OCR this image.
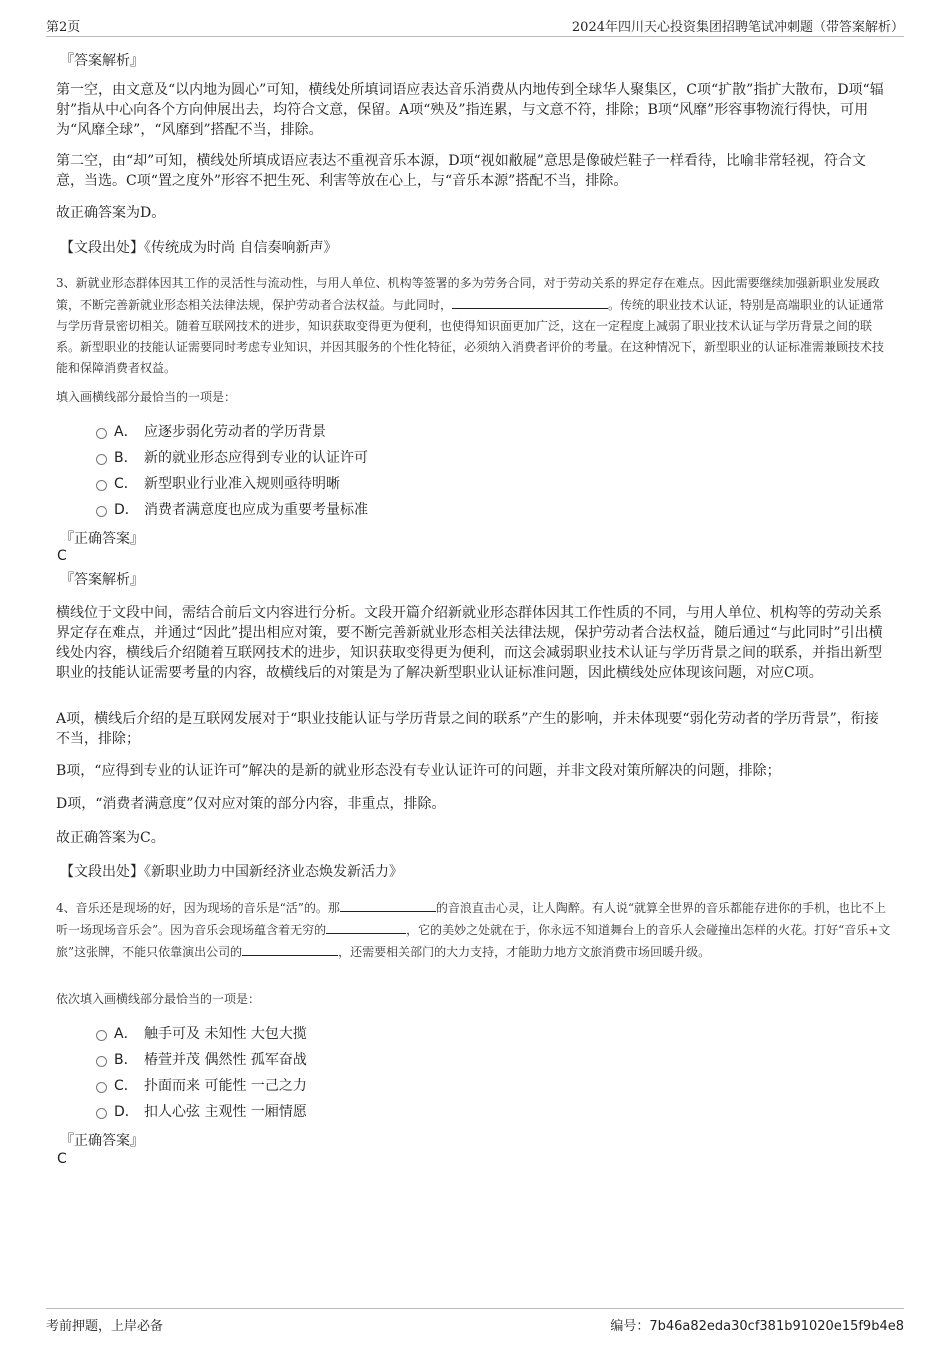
第2页	2024年四川天心投资集团招聘笔试冲刺题（带答案解析）
『答案解析』

第一空，由文意及“以内地为圆心”可知，横线处所填词语应表达音乐消费从内地传到全球华人聚集区，C项“扩散”指扩大散布，D项“辐射”指从中心向各个方向伸展出去，均符合文意，保留。A项“殃及”指连累，与文意不符，排除；B项“风靡”形容事物流行得快，可用为“风靡全球”，“风靡到”搭配不当，排除。

第二空，由“却”可知，横线处所填成语应表达不重视音乐本源，D项“视如敝屣”意思是像破烂鞋子一样看待，比喻非常轻视，符合文意，当选。C项“置之度外”形容不把生死、利害等放在心上，与“音乐本源”搭配不当，排除。

故正确答案为D。

【文段出处】《传统成为时尚 自信奏响新声》

3、新就业形态群体因其工作的灵活性与流动性，与用人单位、机构等签署的多为劳务合同，对于劳动关系的界定存在难点。因此需要继续加强新职业发展政策，不断完善新就业形态相关法律法规，保护劳动者合法权益。与此同时，	。传统的职业技术认证，特别是高端职业的认证通常与学历背景密切相关。随着互联网技术的进步，知识获取变得更为便利，也使得知识面更加广泛，这在一定程度上减弱了职业技术认证与学历背景之间的联系。新型职业的技能认证需要同时考虑专业知识，并因其服务的个性化特征，必须纳入消费者评价的考量。在这种情况下，新型职业的认证标准需兼顾技术技能和保障消费者权益。

填入画横线部分最恰当的一项是：
A． 应逐步弱化劳动者的学历背景
B． 新的就业形态应得到专业的认证许可
C． 新型职业行业准入规则亟待明晰
D． 消费者满意度也应成为重要考量标准
『正确答案』
C
『答案解析』

横线位于文段中间，需结合前后文内容进行分析。文段开篇介绍新就业形态群体因其工作性质的不同，与用人单位、机构等的劳动关系界定存在难点，并通过“因此”提出相应对策，要不断完善新就业形态相关法律法规，保护劳动者合法权益，随后通过“与此同时”引出横线处内容，横线后介绍随着互联网技术的进步，知识获取变得更为便利，而这会减弱职业技术认证与学历背景之间的联系，并指出新型职业的技能认证需要考量的内容，故横线后的对策是为了解决新型职业认证标准问题，因此横线处应体现该问题，对应C项。

A项，横线后介绍的是互联网发展对于“职业技能认证与学历背景之间的联系”产生的影响，并未体现要“弱化劳动者的学历背景”，衔接不当，排除；

B项，“应得到专业的认证许可”解决的是新的就业形态没有专业认证许可的问题，并非文段对策所解决的问题，排除；

D项，“消费者满意度”仅对应对策的部分内容，非重点，排除。

故正确答案为C。

【文段出处】《新职业助力中国新经济业态焕发新活力》

4、音乐还是现场的好，因为现场的音乐是“活”的。那	的音浪直击心灵，让人陶醉。有人说“就算全世界的音乐都能存进你的手机，也比不上听一场现场音乐会”。因为音乐会现场蕴含着无穷的	，它的美妙之处就在于，你永远不知道舞台上的音乐人会碰撞出怎样的火花。打好“音乐+文旅”这张牌，不能只依靠演出公司的	，还需要相关部门的大力支持，才能助力地方文旅消费市场回暖升级。

依次填入画横线部分最恰当的一项是：
A． 触手可及 未知性 大包大揽
B． 椿萱并茂 偶然性 孤军奋战
C． 扑面而来 可能性 一己之力
D． 扣人心弦 主观性 一厢情愿
『正确答案』
C
考前押题，上岸必备	编号：7b46a82eda30cf381b91020e15f9b4e8
